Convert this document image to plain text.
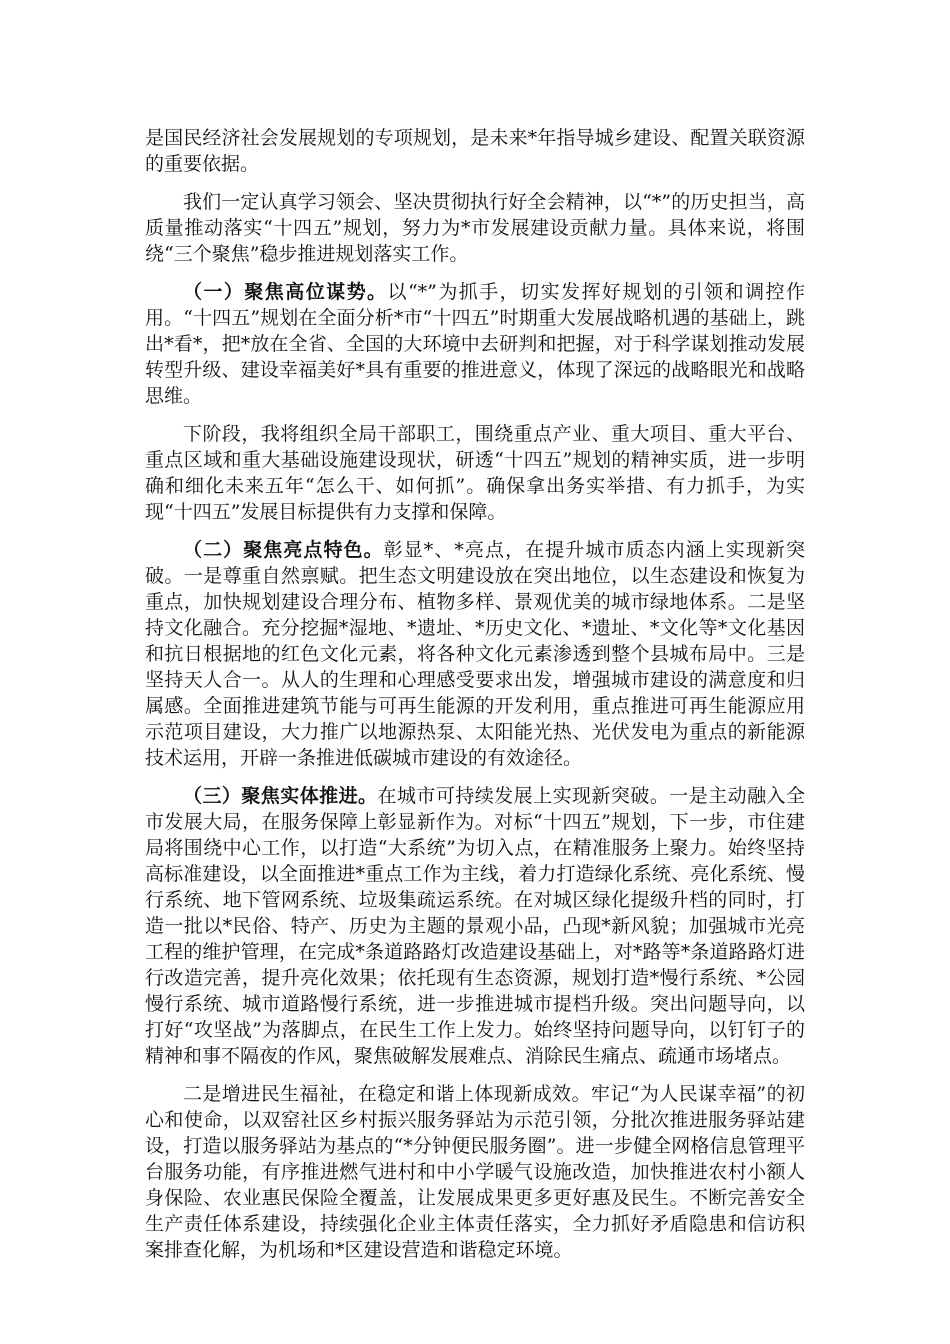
是国民经济社会发展规划的专项规划，是未来*年指导城乡建设、配置关联资源的重要依据。

我们一定认真学习领会、坚决贯彻执行好全会精神，以“*”的历史担当，高质量推动落实“十四五”规划，努力为*市发展建设贡献力量。具体来说，将围绕“三个聚焦”稳步推进规划落实工作。

（一）聚焦高位谋势。以“*”为抓手，切实发挥好规划的引领和调控作用。“十四五”规划在全面分析*市“十四五”时期重大发展战略机遇的基础上，跳出*看*，把*放在全省、全国的大环境中去研判和把握，对于科学谋划推动发展转型升级、建设幸福美好*具有重要的推进意义，体现了深远的战略眼光和战略思维。

下阶段，我将组织全局干部职工，围绕重点产业、重大项目、重大平台、重点区域和重大基础设施建设现状，研透“十四五”规划的精神实质，进一步明确和细化未来五年“怎么干、如何抓”。确保拿出务实举措、有力抓手，为实现“十四五”发展目标提供有力支撑和保障。

（二）聚焦亮点特色。彰显*、*亮点，在提升城市质态内涵上实现新突破。一是尊重自然禀赋。把生态文明建设放在突出地位，以生态建设和恢复为重点，加快规划建设合理分布、植物多样、景观优美的城市绿地体系。二是坚持文化融合。充分挖掘*湿地、*遗址、*历史文化、*遗址、*文化等*文化基因和抗日根据地的红色文化元素，将各种文化元素渗透到整个县城布局中。三是坚持天人合一。从人的生理和心理感受要求出发，增强城市建设的满意度和归属感。全面推进建筑节能与可再生能源的开发利用，重点推进可再生能源应用示范项目建设，大力推广以地源热泵、太阳能光热、光伏发电为重点的新能源技术运用，开辟一条推进低碳城市建设的有效途径。

（三）聚焦实体推进。在城市可持续发展上实现新突破。一是主动融入全市发展大局，在服务保障上彰显新作为。对标“十四五”规划，下一步，市住建局将围绕中心工作，以打造“大系统”为切入点，在精准服务上聚力。始终坚持高标准建设，以全面推进*重点工作为主线，着力打造绿化系统、亮化系统、慢行系统、地下管网系统、垃圾集疏运系统。在对城区绿化提级升档的同时，打造一批以*民俗、特产、历史为主题的景观小品，凸现*新风貌；加强城市光亮工程的维护管理，在完成*条道路路灯改造建设基础上，对*路等*条道路路灯进行改造完善，提升亮化效果；依托现有生态资源，规划打造*慢行系统、*公园慢行系统、城市道路慢行系统，进一步推进城市提档升级。突出问题导向，以打好“攻坚战”为落脚点，在民生工作上发力。始终坚持问题导向，以钉钉子的精神和事不隔夜的作风，聚焦破解发展难点、消除民生痛点、疏通市场堵点。

二是增进民生福祉，在稳定和谐上体现新成效。牢记“为人民谋幸福”的初心和使命，以双窑社区乡村振兴服务驿站为示范引领，分批次推进服务驿站建设，打造以服务驿站为基点的“*分钟便民服务圈”。进一步健全网格信息管理平台服务功能，有序推进燃气进村和中小学暖气设施改造，加快推进农村小额人身保险、农业惠民保险全覆盖，让发展成果更多更好惠及民生。不断完善安全生产责任体系建设，持续强化企业主体责任落实，全力抓好矛盾隐患和信访积案排查化解，为机场和*区建设营造和谐稳定环境。
